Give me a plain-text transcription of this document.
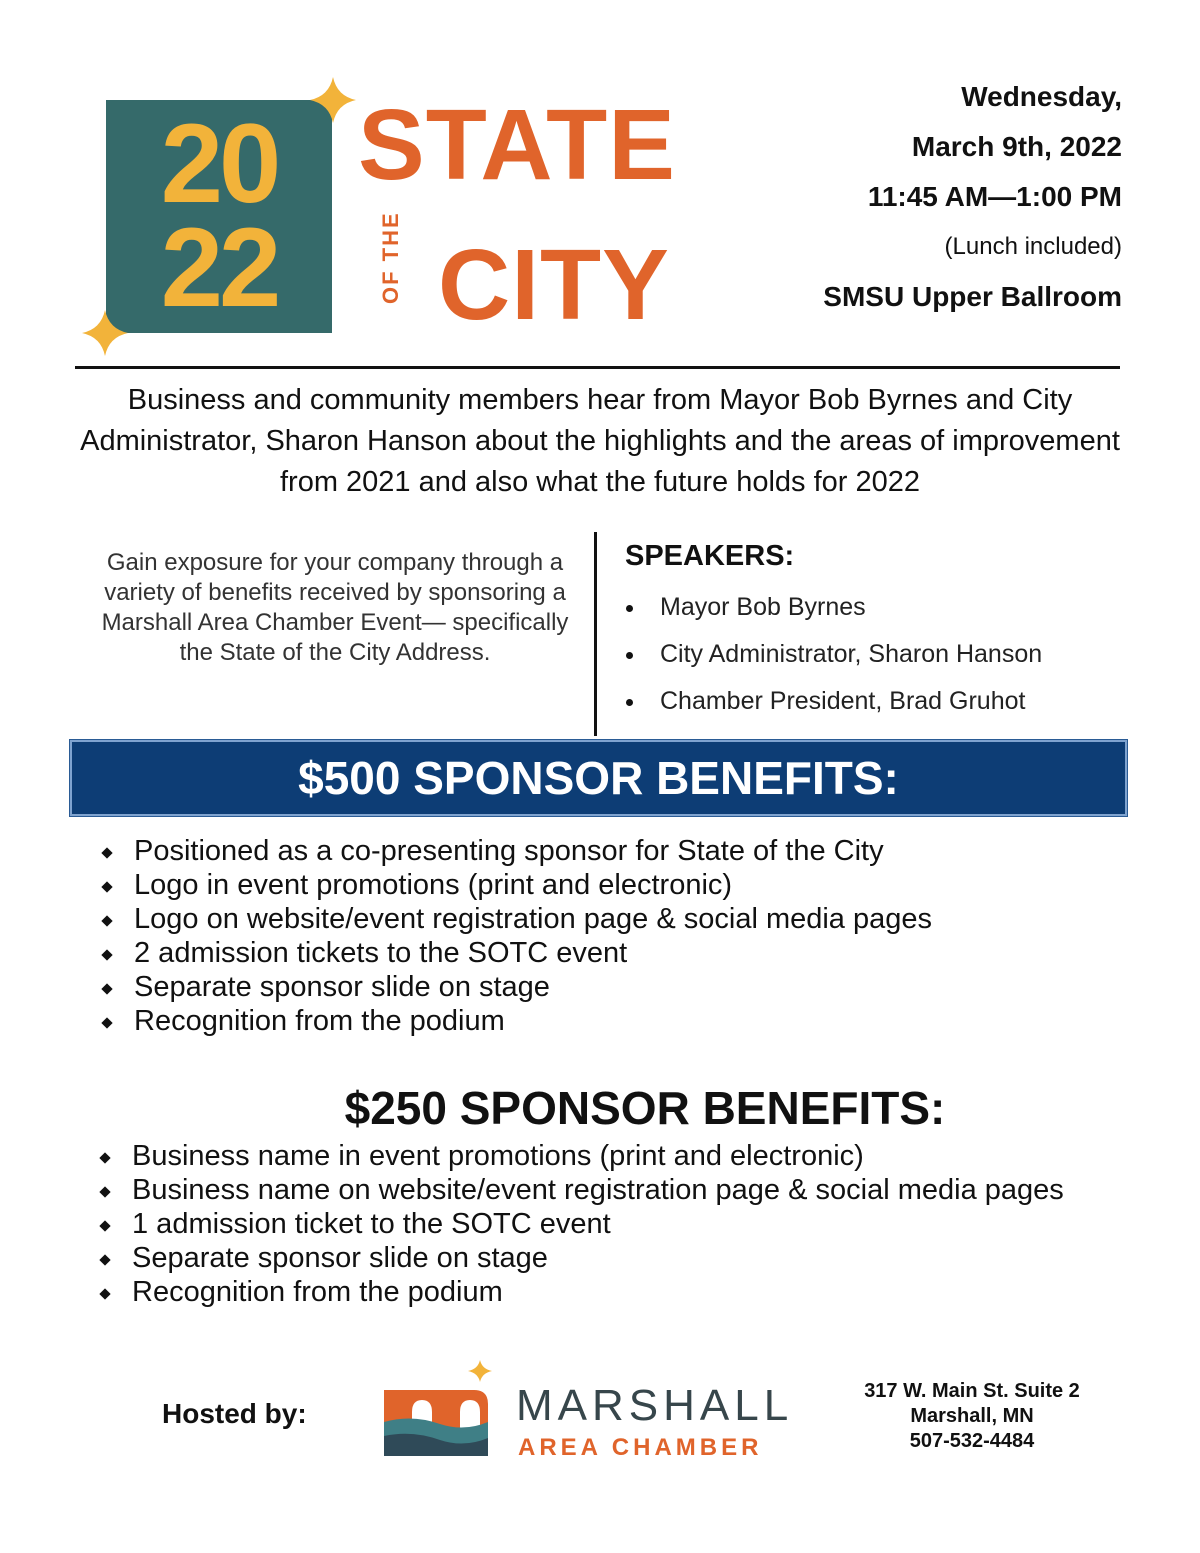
20
22
STATE
OF THE CITY
Wednesday,
March 9th, 2022
11:45 AM—1:00 PM
(Lunch included)
SMSU Upper Ballroom
Business and community members hear from Mayor Bob Byrnes and City Administrator, Sharon Hanson about the highlights and the areas of improvement from 2021 and also what the future holds for 2022
Gain exposure for your company through a variety of benefits received by sponsoring a Marshall Area Chamber Event— specifically the State of the City Address.
SPEAKERS:
Mayor Bob Byrnes
City Administrator, Sharon Hanson
Chamber President, Brad Gruhot
$500 SPONSOR BENEFITS:
Positioned as a co-presenting sponsor for State of the City
Logo in event promotions (print and electronic)
Logo on website/event registration page & social media pages
2 admission tickets to the SOTC event
Separate sponsor slide on stage
Recognition from the podium
$250 SPONSOR BENEFITS:
Business name in event promotions (print and electronic)
Business name on website/event registration page & social media pages
1 admission ticket to the SOTC event
Separate sponsor slide on stage
Recognition from the podium
Hosted by:	MARSHALL
AREA CHAMBER
317 W. Main St. Suite 2
Marshall, MN
507-532-4484
